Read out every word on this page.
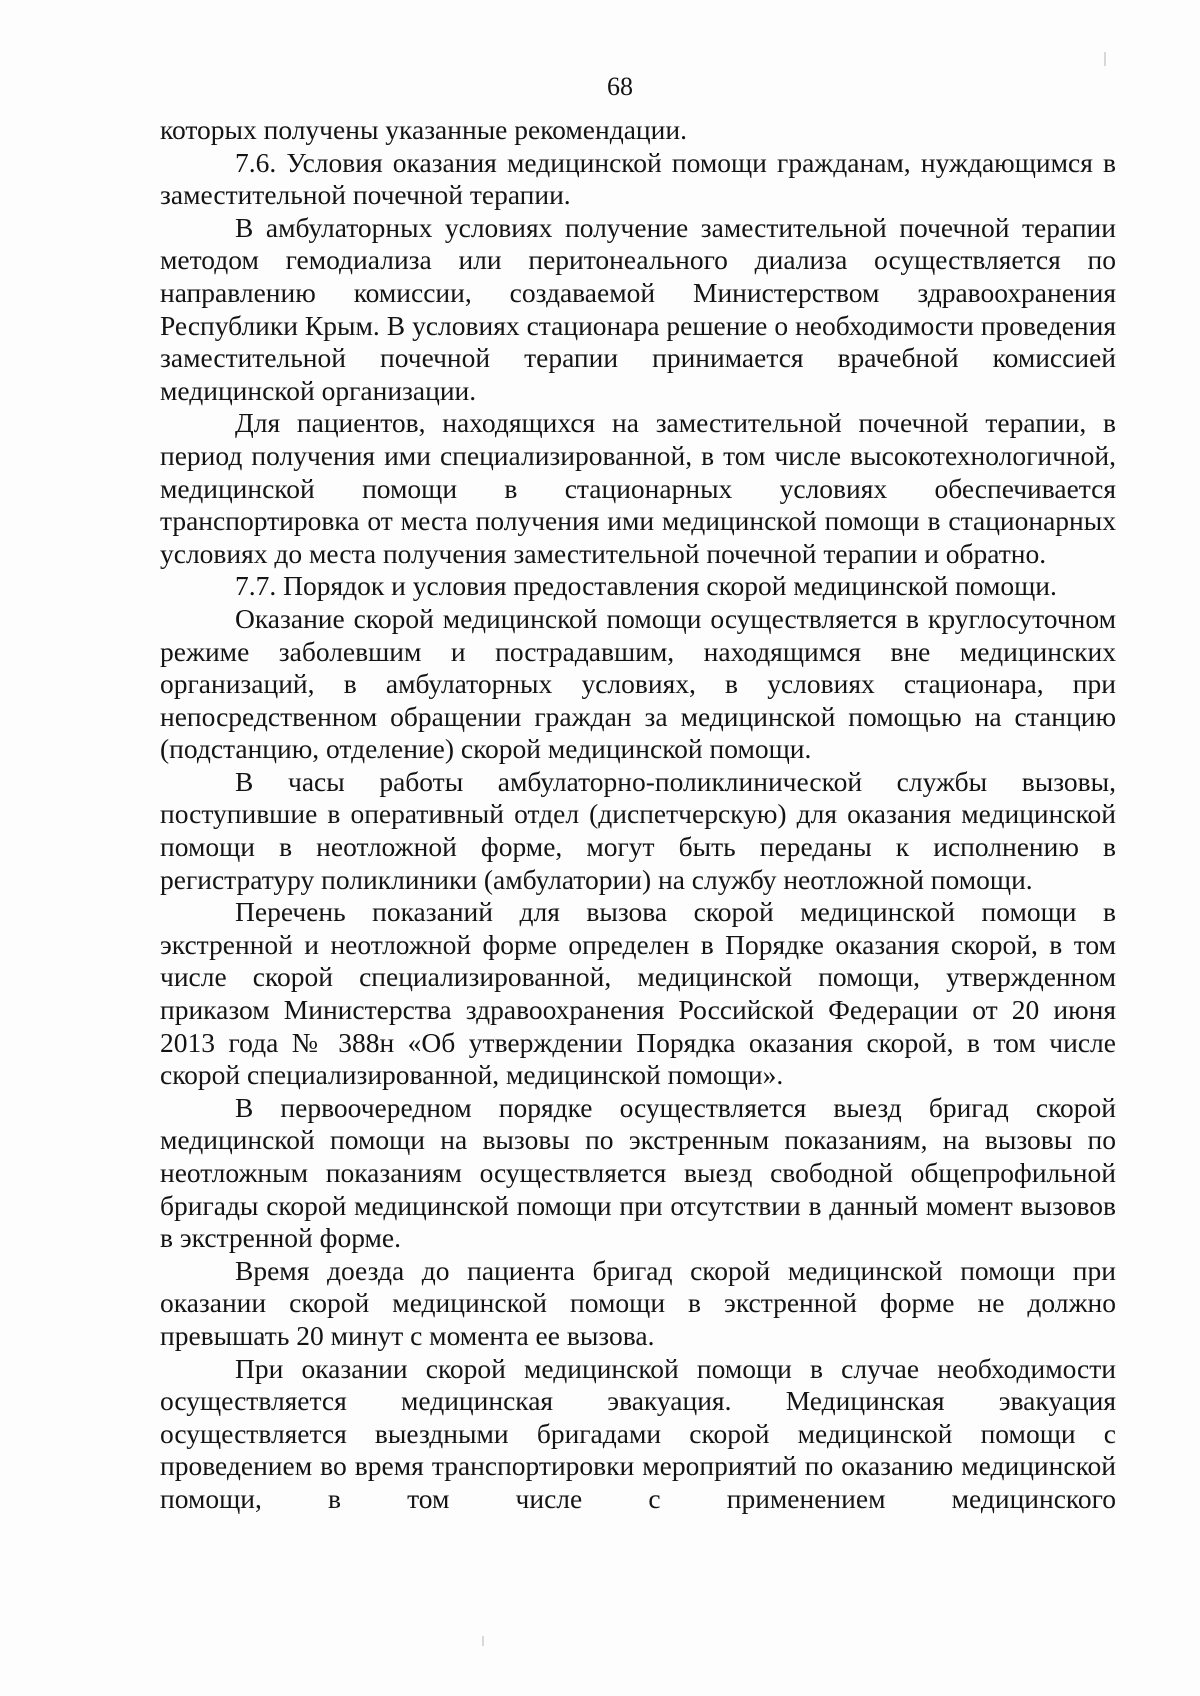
68

которых получены указанные рекомендации.

7.6. Условия оказания медицинской помощи гражданам, нуждающимся в заместительной почечной терапии.

В амбулаторных условиях получение заместительной почечной терапии методом гемодиализа или перитонеального диализа осуществляется по направлению комиссии, создаваемой Министерством здравоохранения Республики Крым. В условиях стационара решение о необходимости проведения заместительной почечной терапии принимается врачебной комиссией медицинской организации.

Для пациентов, находящихся на заместительной почечной терапии, в период получения ими специализированной, в том числе высокотехнологичной, медицинской помощи в стационарных условиях обеспечивается транспортировка от места получения ими медицинской помощи в стационарных условиях до места получения заместительной почечной терапии и обратно.

7.7. Порядок и условия предоставления скорой медицинской помощи.

Оказание скорой медицинской помощи осуществляется в круглосуточном режиме заболевшим и пострадавшим, находящимся вне медицинских организаций, в амбулаторных условиях, в условиях стационара, при непосредственном обращении граждан за медицинской помощью на станцию (подстанцию, отделение) скорой медицинской помощи.

В часы работы амбулаторно-поликлинической службы вызовы, поступившие в оперативный отдел (диспетчерскую) для оказания медицинской помощи в неотложной форме, могут быть переданы к исполнению в регистратуру поликлиники (амбулатории) на службу неотложной помощи.

Перечень показаний для вызова скорой медицинской помощи в экстренной и неотложной форме определен в Порядке оказания скорой, в том числе скорой специализированной, медицинской помощи, утвержденном приказом Министерства здравоохранения Российской Федерации от 20 июня 2013 года № 388н «Об утверждении Порядка оказания скорой, в том числе скорой специализированной, медицинской помощи».

В первоочередном порядке осуществляется выезд бригад скорой медицинской помощи на вызовы по экстренным показаниям, на вызовы по неотложным показаниям осуществляется выезд свободной общепрофильной бригады скорой медицинской помощи при отсутствии в данный момент вызовов в экстренной форме.

Время доезда до пациента бригад скорой медицинской помощи при оказании скорой медицинской помощи в экстренной форме не должно превышать 20 минут с момента ее вызова.

При оказании скорой медицинской помощи в случае необходимости осуществляется медицинская эвакуация. Медицинская эвакуация осуществляется выездными бригадами скорой медицинской помощи с проведением во время транспортировки мероприятий по оказанию медицинской помощи, в том числе с применением медицинского
